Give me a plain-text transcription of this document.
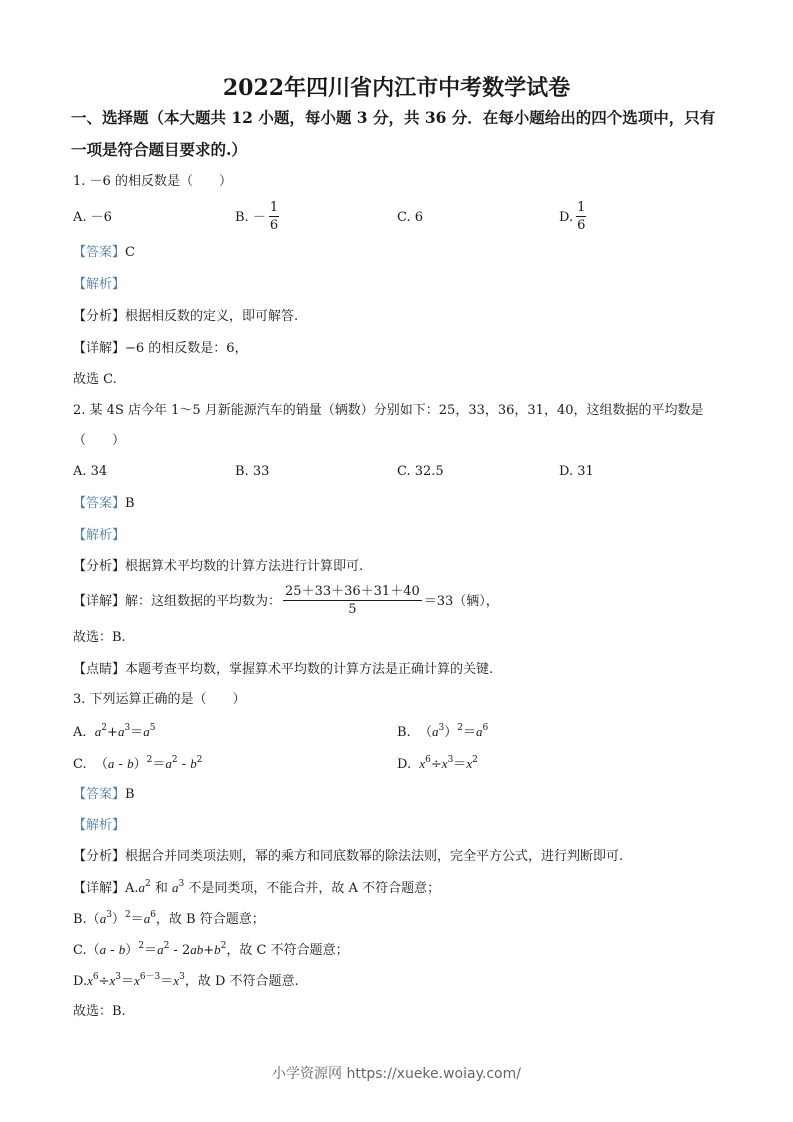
2022年四川省内江市中考数学试卷
一、选择题（本大题共 12 小题，每小题 3 分，共 36 分．在每小题给出的四个选项中，只有
一项是符合题目要求的.）
1. －6 的相反数是（　　）
A. －6	B. － $\frac{1}{6}$	C. 6	D. $\frac{1}{6}$
【答案】C
【解析】
【分析】根据相反数的定义，即可解答.
【详解】−6 的相反数是：6，
故选 C.
2. 某 4S 店今年 1～5 月新能源汽车的销量（辆数）分别如下：25，33，36，31，40，这组数据的平均数是
（　　）
A. 34	B. 33	C. 32.5	D. 31
【答案】B
【解析】
【分析】根据算术平均数的计算方法进行计算即可.
【详解】解：这组数据的平均数为： $\frac{25+33+36+31+40}{5} =33$（辆），
故选：B.
【点睛】本题考查平均数，掌握算术平均数的计算方法是正确计算的关键.
3. 下列运算正确的是（　　）
A. $a^2+a^3=a^5$	B.  $(a^3)^2=a^6$
C.  $(a - b)^2=a^2 - b^2$	D. $x^6\div x^3=x^2$
【答案】B
【解析】
【分析】根据合并同类项法则，幂的乘方和同底数幂的除法法则，完全平方公式，进行判断即可.
【详解】$A.a^2$ 和 $a^3$ 不是同类项，不能合并，故 A 不符合题意；
$B.(a^3)^2=a^6$，故 B 符合题意；
$C.(a - b)^2=a^2 - 2ab+b^2$，故 C 不符合题意；
$D.x^6\div x^3=x^{6-3}=x^3$，故 D 不符合题意.
故选：B.
小学资源网 https://xueke.woiay.com/
